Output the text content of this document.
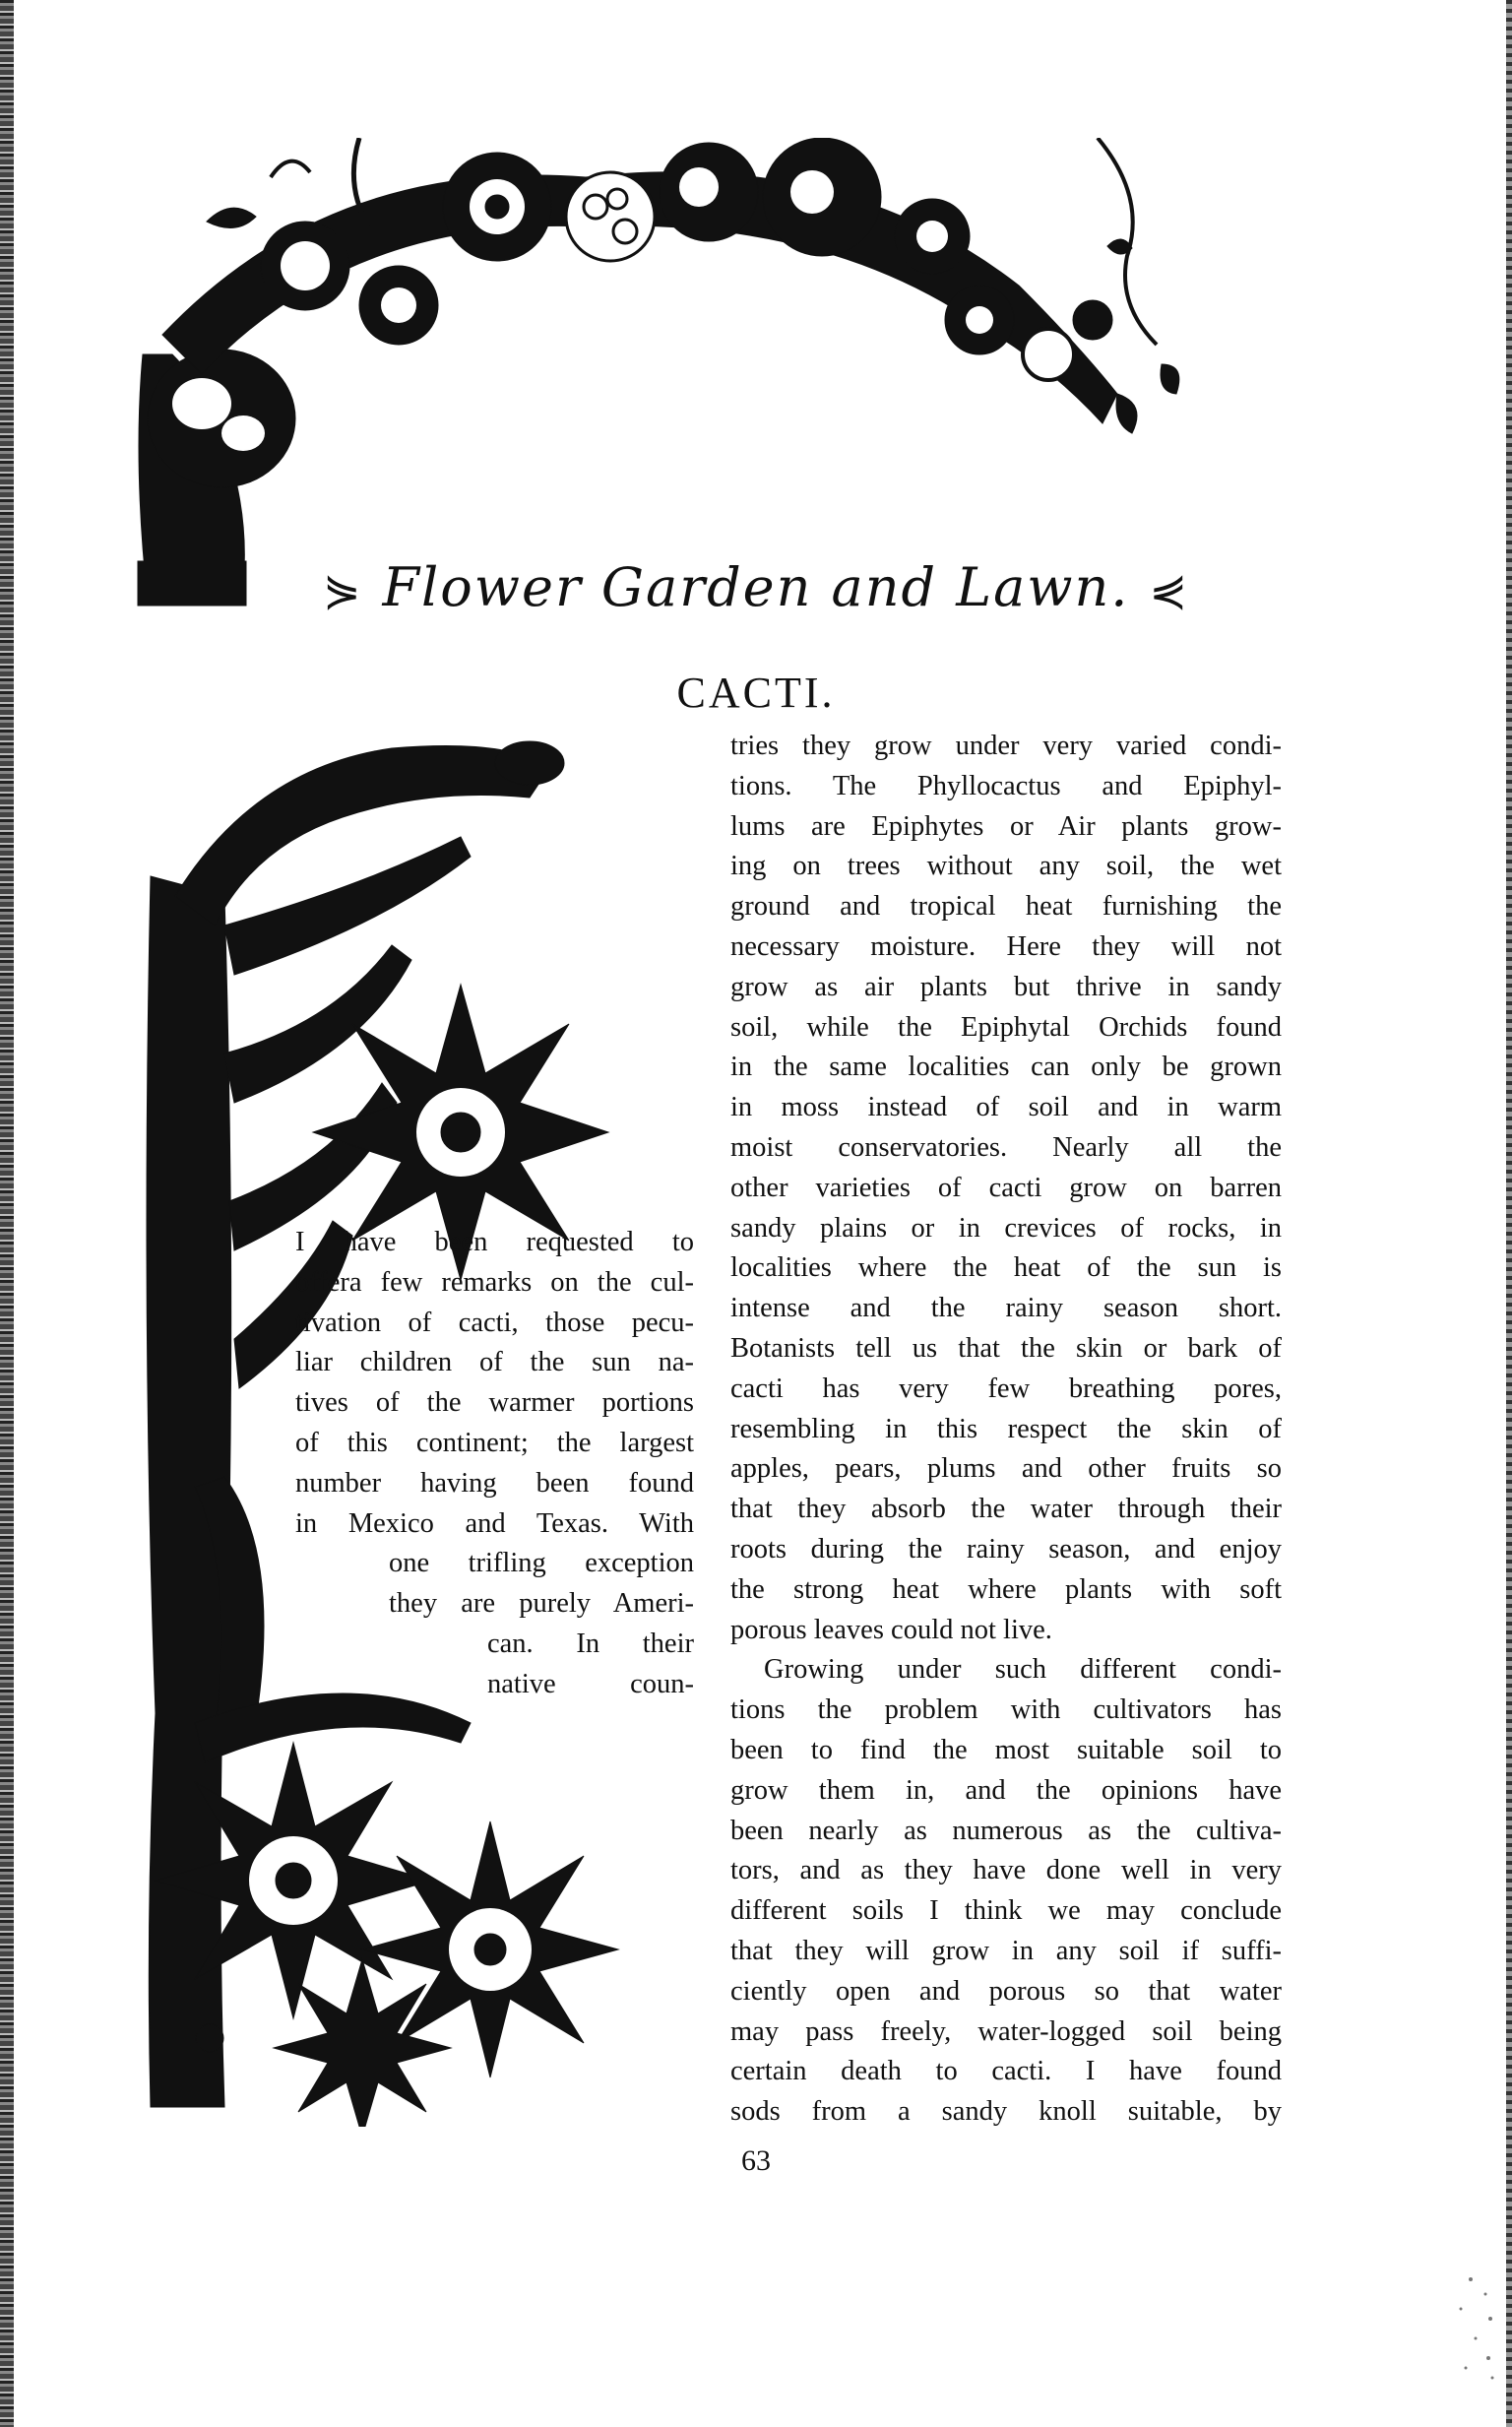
⋟ Flower Garden and Lawn. ⋞
CACTI.
I have been requested to
offera few remarks on the cul-
tivation of cacti, those pecu-
liar children of the sun na-
tives of the warmer portions
of this continent; the largest
number having been found
in Mexico and Texas. With
one trifling exception
they are purely Ameri-
can. In their
native coun-
tries they grow under very varied condi-
tions. The Phyllocactus and Epiphyl-
lums are Epiphytes or Air plants grow-
ing on trees without any soil, the wet
ground and tropical heat furnishing the
necessary moisture. Here they will not
grow as air plants but thrive in sandy
soil, while the Epiphytal Orchids found
in the same localities can only be grown
in moss instead of soil and in warm
moist conservatories. Nearly all the
other varieties of cacti grow on barren
sandy plains or in crevices of rocks, in
localities where the heat of the sun is
intense and the rainy season short.
Botanists tell us that the skin or bark of
cacti has very few breathing pores,
resembling in this respect the skin of
apples, pears, plums and other fruits so
that they absorb the water through their
roots during the rainy season, and enjoy
the strong heat where plants with soft
porous leaves could not live.
Growing under such different condi-
tions the problem with cultivators has
been to find the most suitable soil to
grow them in, and the opinions have
been nearly as numerous as the cultiva-
tors, and as they have done well in very
different soils I think we may conclude
that they will grow in any soil if suffi-
ciently open and porous so that water
may pass freely, water-logged soil being
certain death to cacti. I have found
sods from a sandy knoll suitable, by
63
